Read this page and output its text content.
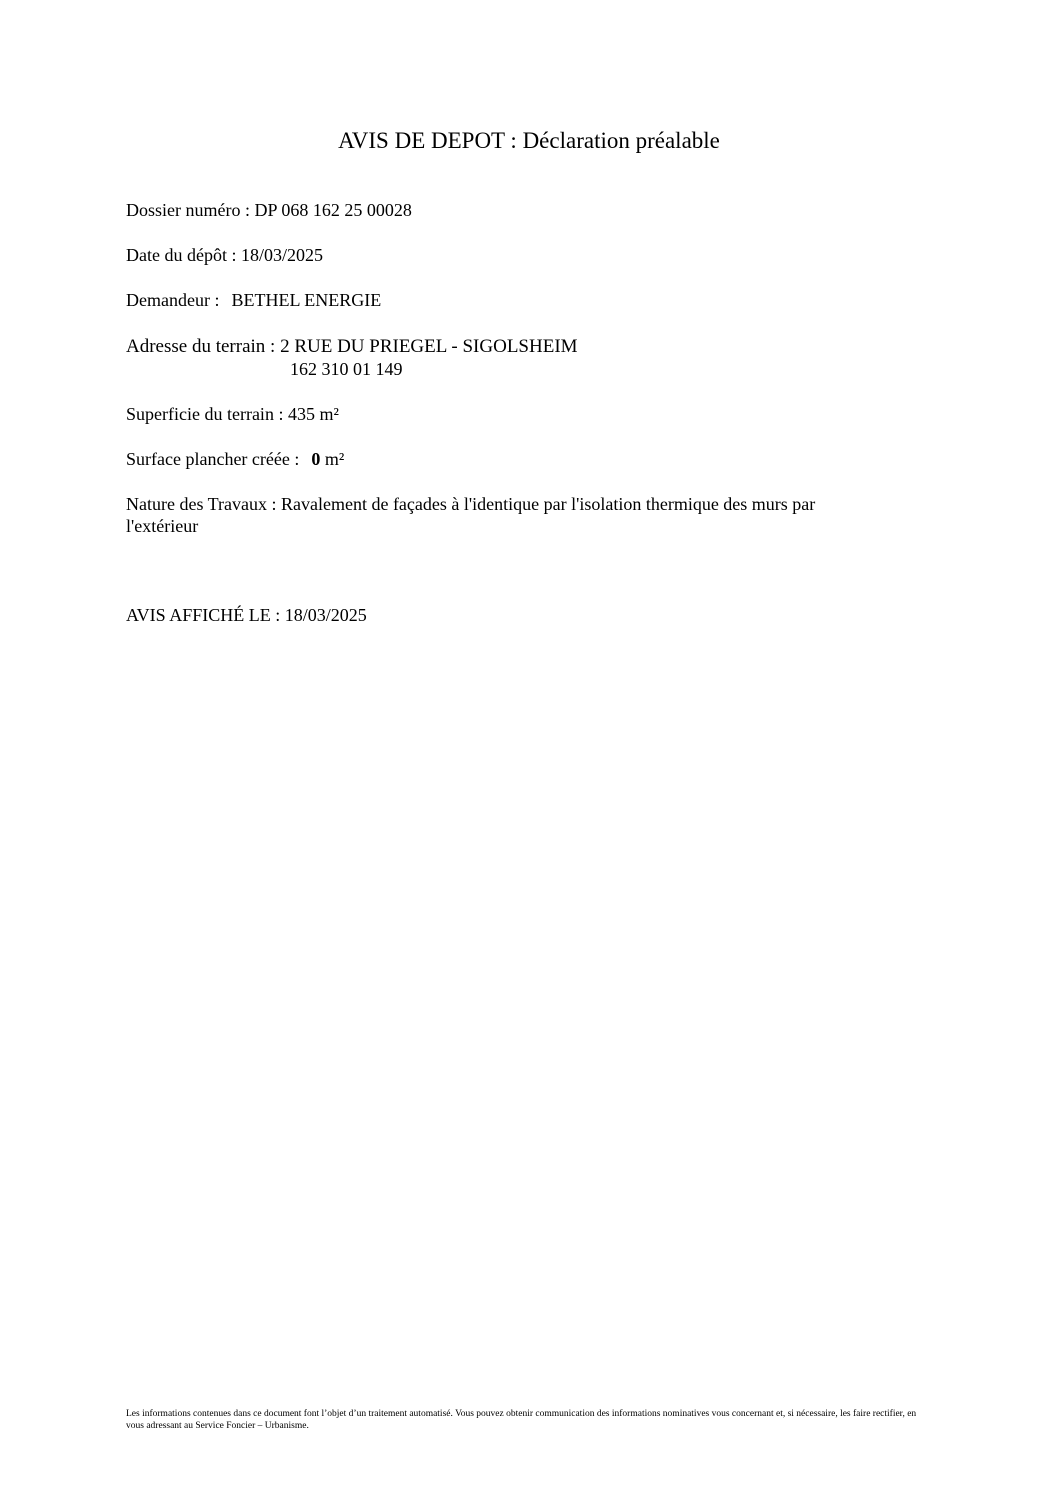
AVIS DE DEPOT : Déclaration préalable
Dossier numéro : DP 068 162 25 00028
Date du dépôt : 18/03/2025
Demandeur : BETHEL ENERGIE
Adresse du terrain : 2 RUE DU PRIEGEL - SIGOLSHEIM
162 310 01 149
Superficie du terrain : 435 m²
Surface plancher créée : 0 m²
Nature des Travaux : Ravalement de façades à l'identique par l'isolation thermique des murs par l'extérieur
AVIS AFFICHÉ LE : 18/03/2025
Les informations contenues dans ce document font l’objet d’un traitement automatisé. Vous pouvez obtenir communication des informations nominatives vous concernant et, si nécessaire, les faire rectifier, en vous adressant au Service Foncier – Urbanisme.
